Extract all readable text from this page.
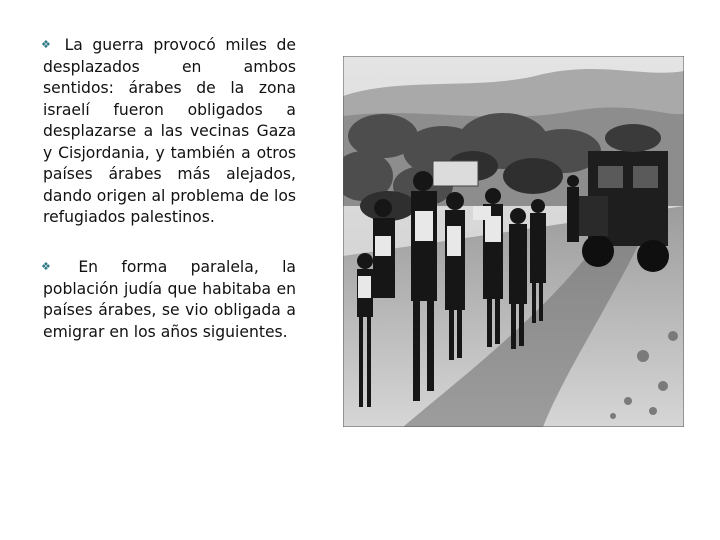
❖ La guerra provocó miles de desplazados en ambos sentidos: árabes de la zona israelí fueron obligados a desplazarse a las vecinas Gaza y Cisjordania, y también a otros países árabes más alejados, dando origen al problema de los refugiados palestinos.

❖ En forma paralela, la población judía que habitaba en países árabes, se vio obligada a emigrar en los años siguientes.
